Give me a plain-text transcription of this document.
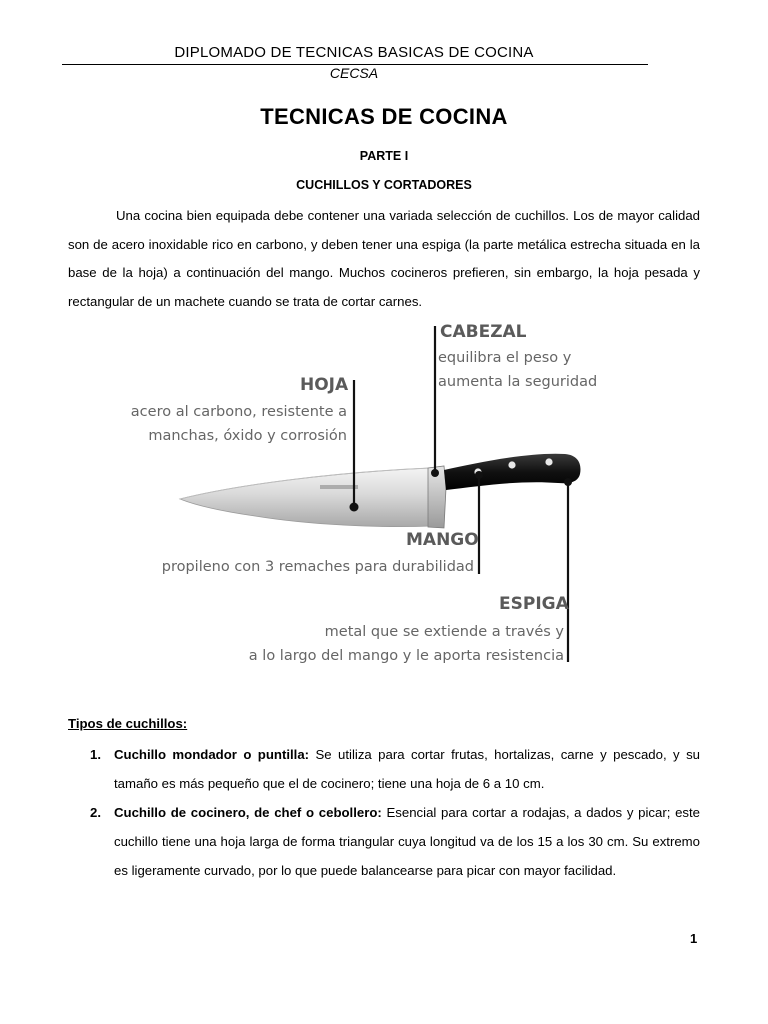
DIPLOMADO DE TECNICAS BASICAS DE COCINA
CECSA
TECNICAS DE COCINA
PARTE I
CUCHILLOS Y CORTADORES

Una cocina bien equipada debe contener una variada selección de cuchillos. Los de mayor calidad son de acero inoxidable rico en carbono, y deben tener una espiga (la parte metálica estrecha situada en la base de la hoja) a continuación del mango. Muchos cocineros prefieren, sin embargo, la hoja pesada y rectangular de un machete cuando se trata de cortar carnes.

CABEZAL
equilibra el peso y
aumenta la seguridad
HOJA
acero al carbono, resistente a
manchas, óxido y corrosión
MANGO
propileno con 3 remaches para durabilidad
ESPIGA
metal que se extiende a través y
a lo largo del mango y le aporta resistencia
Tipos de cuchillos:
1. Cuchillo mondador o puntilla: Se utiliza para cortar frutas, hortalizas, carne y pescado, y su tamaño es más pequeño que el de cocinero; tiene una hoja de 6 a 10 cm.
2. Cuchillo de cocinero, de chef o cebollero: Esencial para cortar a rodajas, a dados y picar; este cuchillo tiene una hoja larga de forma triangular cuya longitud va de los 15 a los 30 cm. Su extremo es ligeramente curvado, por lo que puede balancearse para picar con mayor facilidad.
1
